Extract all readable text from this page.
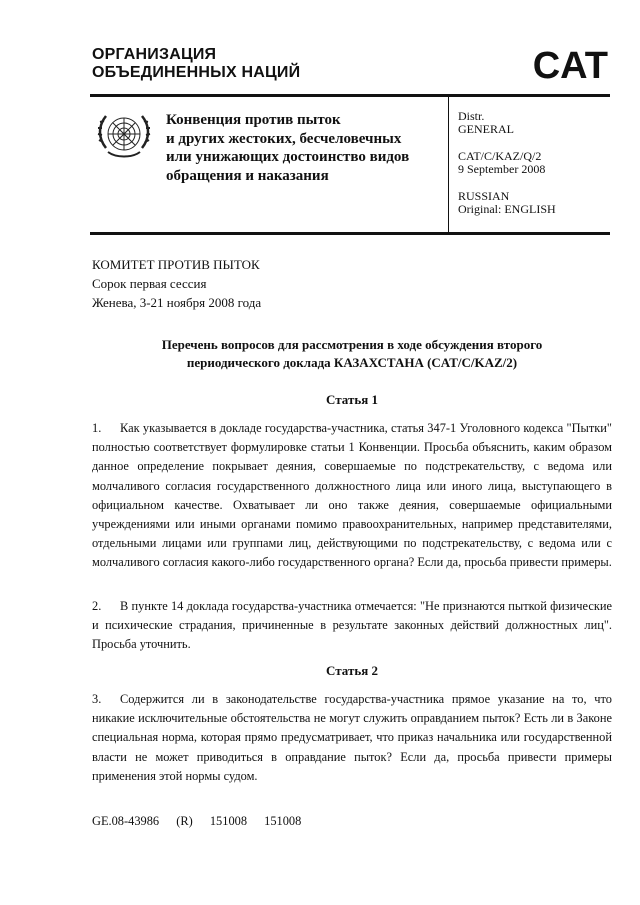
ОРГАНИЗАЦИЯ
ОБЪЕДИНЕННЫХ НАЦИЙ	CAT
Конвенция против пыток
и других жестоких, бесчеловечных
или унижающих достоинство видов
обращения и наказания
Distr.
GENERAL
CAT/C/KAZ/Q/2
9 September 2008
RUSSIAN
Original: ENGLISH
КОМИТЕТ ПРОТИВ ПЫТОК
Сорок первая сессия
Женева, 3-21 ноября 2008 года
Перечень вопросов для рассмотрения в ходе обсуждения второго
периодического доклада КАЗАХСТАНА (CAT/C/KAZ/2)
Статья 1
1. Как указывается в докладе государства-участника, статья 347-1 Уголовного кодекса "Пытки" полностью соответствует формулировке статьи 1 Конвенции. Просьба объяснить, каким образом данное определение покрывает деяния, совершаемые по подстрекательству, с ведома или молчаливого согласия государственного должностного лица или иного лица, выступающего в официальном качестве. Охватывает ли оно также деяния, совершаемые официальными учреждениями или иными органами помимо правоохранительных, например представителями, отдельными лицами или группами лиц, действующими по подстрекательству, с ведома или с молчаливого согласия какого-либо государственного органа? Если да, просьба привести примеры.
2. В пункте 14 доклада государства-участника отмечается: "Не признаются пыткой физические и психические страдания, причиненные в результате законных действий должностных лиц". Просьба уточнить.
Статья 2
3. Содержится ли в законодательстве государства-участника прямое указание на то, что никакие исключительные обстоятельства не могут служить оправданием пыток? Есть ли в Законе специальная норма, которая прямо предусматривает, что приказ начальника или государственной власти не может приводиться в оправдание пыток? Если да, просьба привести примеры применения этой нормы судом.
GE.08-43986 (R) 151008 151008
